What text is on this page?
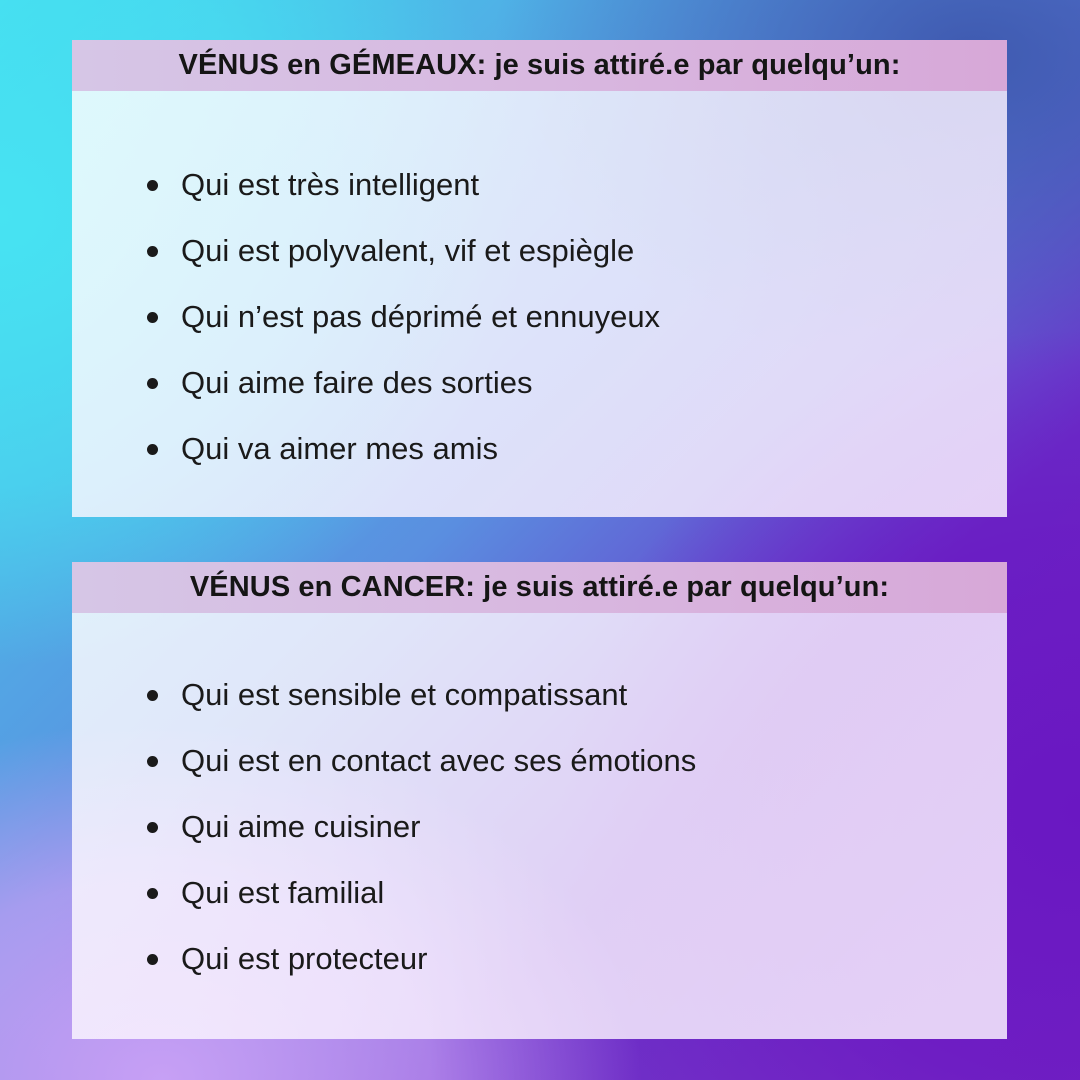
VÉNUS en GÉMEAUX: je suis attiré.e par quelqu’un:
Qui est très intelligent
Qui est polyvalent, vif et espiègle
Qui n’est pas déprimé et ennuyeux
Qui aime faire des sorties
Qui va aimer mes amis
VÉNUS en CANCER: je suis attiré.e par quelqu’un:
Qui est sensible et compatissant
Qui est en contact avec ses émotions
Qui aime cuisiner
Qui est familial
Qui est protecteur
